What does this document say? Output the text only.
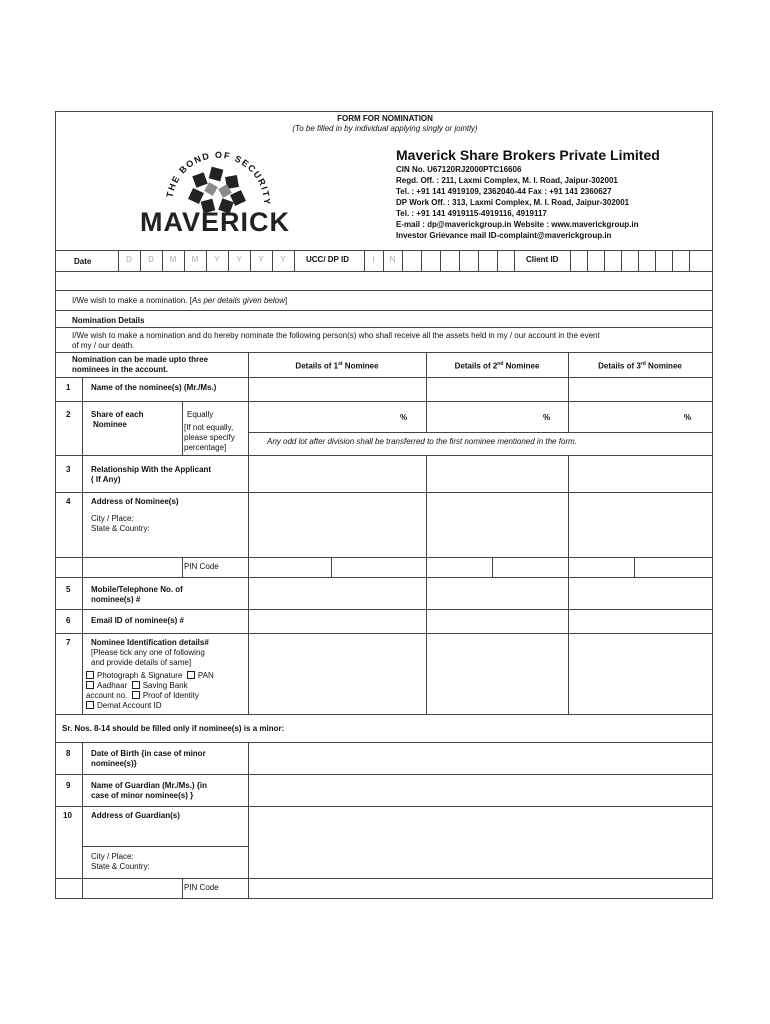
FORM FOR NOMINATION
(To be filled in by individual applying singly or jointly)
THE BOND OF SECURITY
MAVERICK
Maverick Share Brokers Private Limited
CIN No. U67120RJ2000PTC16606
Regd. Off. : 211, Laxmi Complex, M. I. Road, Jaipur-302001
Tel. : +91 141 4919109, 2362040-44 Fax : +91 141 2360627
DP Work Off. : 313, Laxmi Complex, M. I. Road, Jaipur-302001
Tel. : +91 141 4919115-4919116, 4919117
E-mail : dp@maverickgroup.in Website : www.maverickgroup.in
Investor Grievance mail ID-complaint@maverickgroup.in
Date	D	D	M	M	Y	Y	Y	Y	UCC/ DP ID	I	N	Client ID
I/We wish to make a nomination. [As per details given below]
Nomination Details
I/We wish to make a nomination and do hereby nominate the following person(s) who shall receive all the assets held in my / our account in the event
of my / our death.
Nomination can be made upto three
nominees in the account.	Details of 1st Nominee	Details of 2nd Nominee	Details of 3rd Nominee
1	Name of the nominee(s) (Mr./Ms.)
2	Share of each
Nominee
Equally
[If not equally,
please specify
percentage]
%	%	%
Any odd lot after division shall be transferred to the first nominee mentioned in the form.
3	Relationship With the Applicant
( If Any)
4	Address of Nominee(s)
City / Place:
State & Country:
PIN Code
5	Mobile/Telephone No. of
nominee(s) #
6	Email ID of nominee(s) #
7	Nominee Identification details#
[Please tick any one of following
and provide details of same]
Photograph & Signature PAN
Aadhaar Saving Bank
account no. Proof of Identity
Demat Account ID
Sr. Nos. 8-14 should be filled only if nominee(s) is a minor:
8	Date of Birth {in case of minor
nominee(s)}
9	Name of Guardian (Mr./Ms.) {in
case of minor nominee(s) }
10 Address of Guardian(s)
City / Place:
State & Country:
PIN Code
